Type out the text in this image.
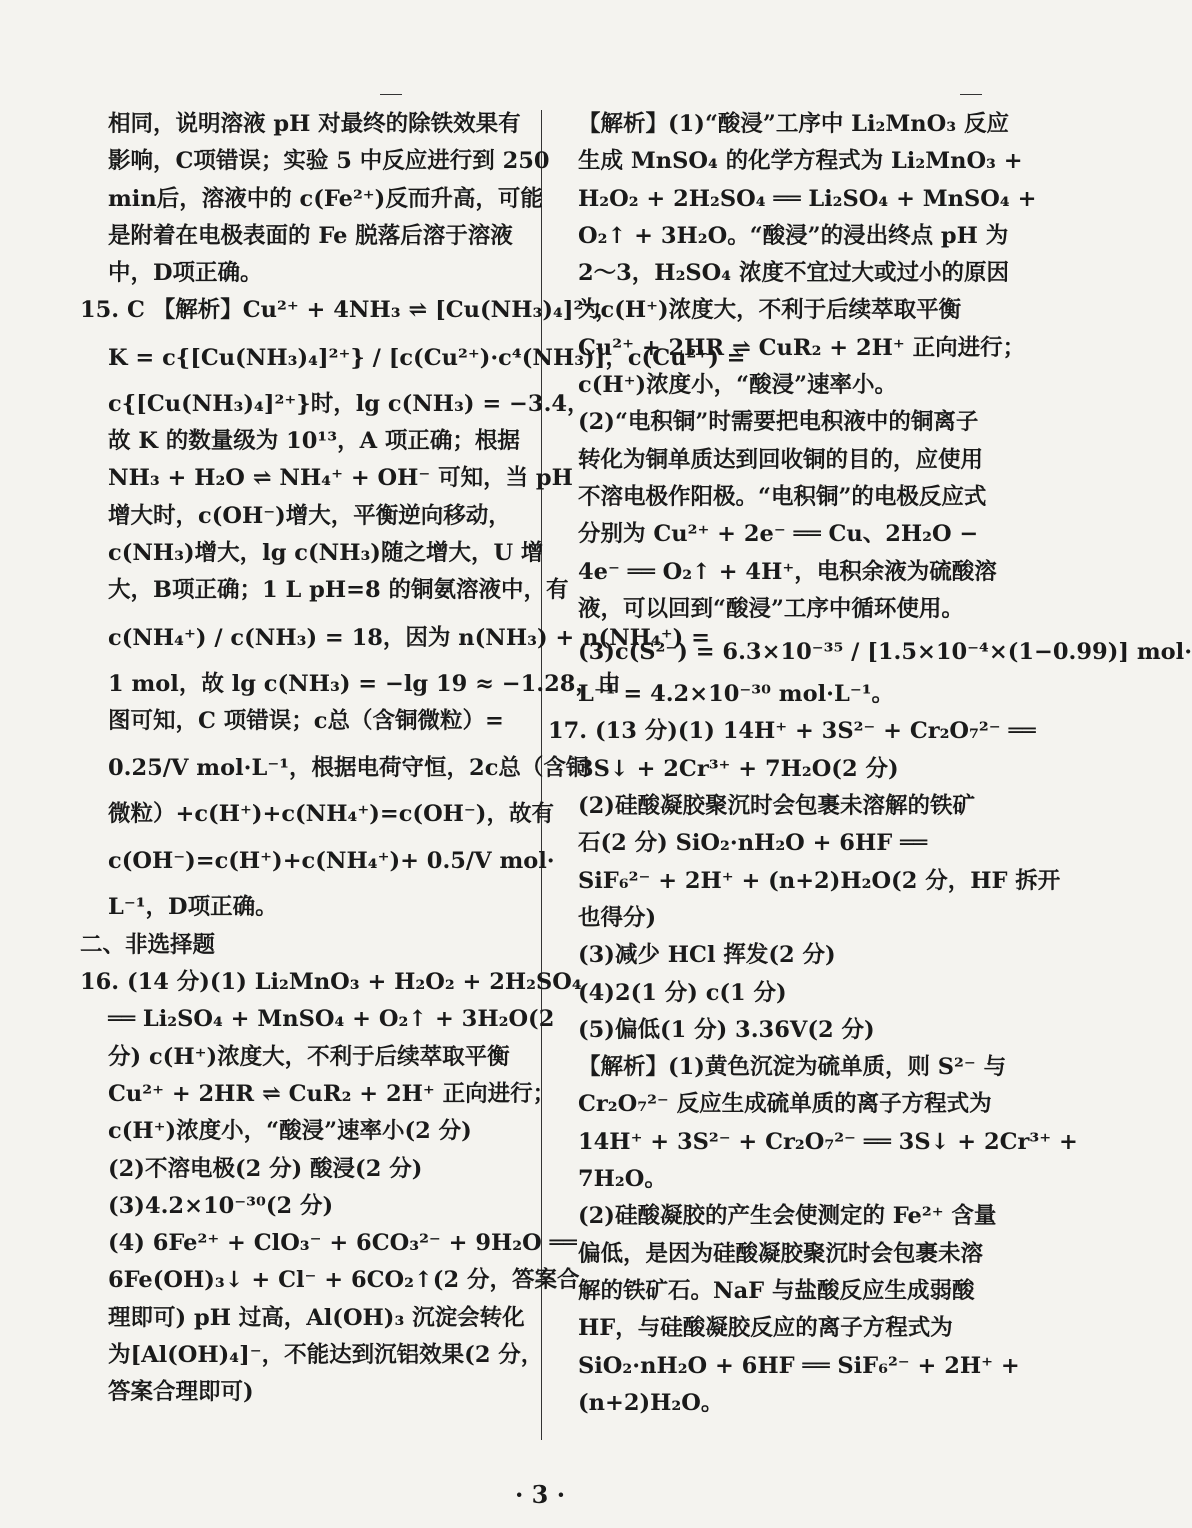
相同，说明溶液 pH 对最终的除铁效果有
影响，C项错误；实验 5 中反应进行到 250
min后，溶液中的 c(Fe²⁺)反而升高，可能
是附着在电极表面的 Fe 脱落后溶于溶液
中，D项正确。
15. C 【解析】Cu²⁺ + 4NH₃ ⇌ [Cu(NH₃)₄]²⁺，
K = c{[Cu(NH₃)₄]²⁺} / [c(Cu²⁺)·c⁴(NH₃)]，c(Cu²⁺) =
c{[Cu(NH₃)₄]²⁺}时，lg c(NH₃) = −3.4，
故 K 的数量级为 10¹³，A 项正确；根据
NH₃ + H₂O ⇌ NH₄⁺ + OH⁻ 可知，当 pH
增大时，c(OH⁻)增大，平衡逆向移动，
c(NH₃)增大，lg c(NH₃)随之增大，U 增
大，B项正确；1 L pH=8 的铜氨溶液中，有
c(NH₄⁺) / c(NH₃) = 18，因为 n(NH₃) + n(NH₄⁺) =
1 mol，故 lg c(NH₃) = −lg 19 ≈ −1.28，由
图可知，C 项错误；c总（含铜微粒）=
0.25/V mol·L⁻¹，根据电荷守恒，2c总（含铜
微粒）+c(H⁺)+c(NH₄⁺)=c(OH⁻)，故有
c(OH⁻)=c(H⁺)+c(NH₄⁺)+ 0.5/V mol·
L⁻¹，D项正确。
二、非选择题
16. (14 分)(1) Li₂MnO₃ + H₂O₂ + 2H₂SO₄
══ Li₂SO₄ + MnSO₄ + O₂↑ + 3H₂O(2
分) c(H⁺)浓度大，不利于后续萃取平衡
Cu²⁺ + 2HR ⇌ CuR₂ + 2H⁺ 正向进行；
c(H⁺)浓度小，“酸浸”速率小(2 分)
(2)不溶电极(2 分) 酸浸(2 分)
(3)4.2×10⁻³⁰(2 分)
(4) 6Fe²⁺ + ClO₃⁻ + 6CO₃²⁻ + 9H₂O ══
6Fe(OH)₃↓ + Cl⁻ + 6CO₂↑(2 分，答案合
理即可) pH 过高，Al(OH)₃ 沉淀会转化
为[Al(OH)₄]⁻，不能达到沉铝效果(2 分，
答案合理即可)
【解析】(1)“酸浸”工序中 Li₂MnO₃ 反应
生成 MnSO₄ 的化学方程式为 Li₂MnO₃ +
H₂O₂ + 2H₂SO₄ ══ Li₂SO₄ + MnSO₄ +
O₂↑ + 3H₂O。“酸浸”的浸出终点 pH 为
2～3，H₂SO₄ 浓度不宜过大或过小的原因
为c(H⁺)浓度大，不利于后续萃取平衡
Cu²⁺ + 2HR ⇌ CuR₂ + 2H⁺ 正向进行；
c(H⁺)浓度小，“酸浸”速率小。
(2)“电积铜”时需要把电积液中的铜离子
转化为铜单质达到回收铜的目的，应使用
不溶电极作阳极。“电积铜”的电极反应式
分别为 Cu²⁺ + 2e⁻ ══ Cu、2H₂O −
4e⁻ ══ O₂↑ + 4H⁺，电积余液为硫酸溶
液，可以回到“酸浸”工序中循环使用。
(3)c(S²⁻) = 6.3×10⁻³⁵ / [1.5×10⁻⁴×(1−0.99)] mol·
L⁻¹ = 4.2×10⁻³⁰ mol·L⁻¹。
17. (13 分)(1) 14H⁺ + 3S²⁻ + Cr₂O₇²⁻ ══
3S↓ + 2Cr³⁺ + 7H₂O(2 分)
(2)硅酸凝胶聚沉时会包裹未溶解的铁矿
石(2 分) SiO₂·nH₂O + 6HF ══
SiF₆²⁻ + 2H⁺ + (n+2)H₂O(2 分，HF 拆开
也得分)
(3)减少 HCl 挥发(2 分)
(4)2(1 分) c(1 分)
(5)偏低(1 分) 3.36V(2 分)
【解析】(1)黄色沉淀为硫单质，则 S²⁻ 与
Cr₂O₇²⁻ 反应生成硫单质的离子方程式为
14H⁺ + 3S²⁻ + Cr₂O₇²⁻ ══ 3S↓ + 2Cr³⁺ +
7H₂O。
(2)硅酸凝胶的产生会使测定的 Fe²⁺ 含量
偏低，是因为硅酸凝胶聚沉时会包裹未溶
解的铁矿石。NaF 与盐酸反应生成弱酸
HF，与硅酸凝胶反应的离子方程式为
SiO₂·nH₂O + 6HF ══ SiF₆²⁻ + 2H⁺ +
(n+2)H₂O。
· 3 ·
